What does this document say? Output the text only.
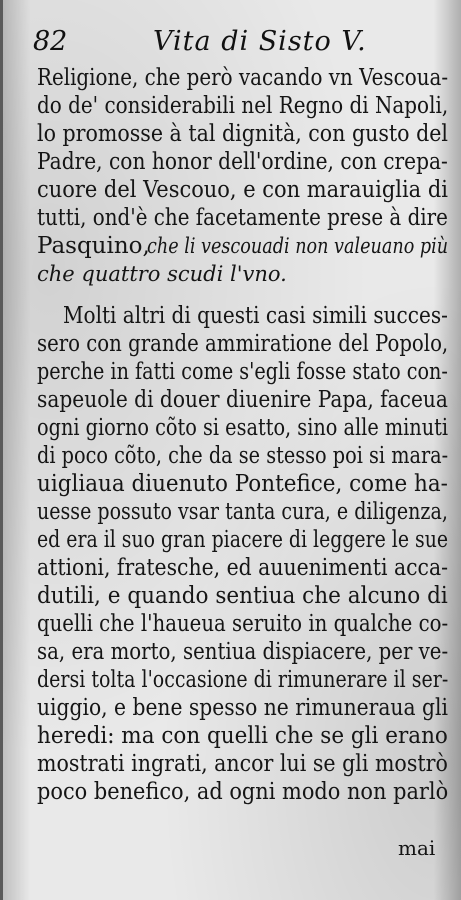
82	Vita di Sisto V.
Religione, che però vacando vn Vescoua-
do de' considerabili nel Regno di Napoli,
lo promosse à tal dignità, con gusto del
Padre, con honor dell'ordine, con crepa-
cuore del Vescouo, e con marauiglia di
tutti, ond'è che facetamente prese à dire
Pasquino,
che li vescouadi non valeuano più
che quattro scudi l'vno.
Molti altri di questi casi simili succes-
sero con grande ammiratione del Popolo,
perche in fatti come s'egli fosse stato con-
sapeuole di douer diuenire Papa, faceua
ogni giorno cõto si esatto, sino alle minuti
di poco cõto, che da se stesso poi si mara-
uigliaua diuenuto Pontefice, come ha-
uesse possuto vsar tanta cura, e diligenza,
ed era il suo gran piacere di leggere le sue
attioni, fratesche, ed auuenimenti acca-
dutili, e quando sentiua che alcuno di
quelli che l'haueua seruito in qualche co-
sa, era morto, sentiua dispiacere, per ve-
dersi tolta l'occasione di rimunerare il ser-
uiggio, e bene spesso ne rimuneraua gli
heredi: ma con quelli che se gli erano
mostrati ingrati, ancor lui se gli mostrò
poco benefico, ad ogni modo non parlò
mai
